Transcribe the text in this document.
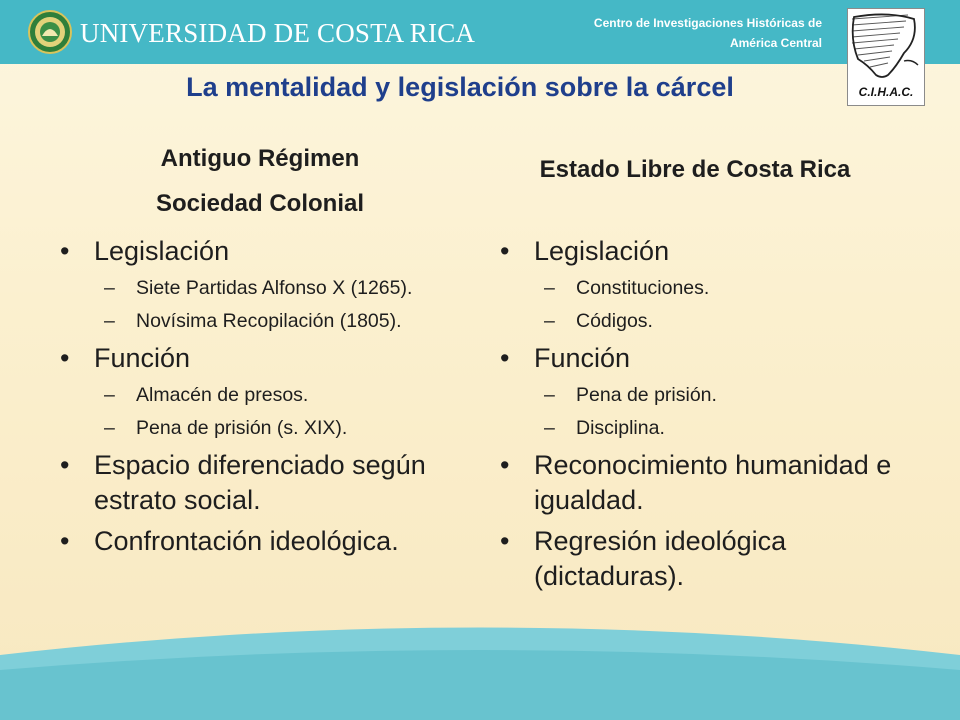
UNIVERSIDAD DE COSTA RICA	Centro de Investigaciones Históricas de
América Central
C.I.H.A.C.
La mentalidad y legislación sobre la cárcel
Antiguo Régimen
Sociedad Colonial
Estado Libre de Costa Rica
• Legislación
– Siete Partidas Alfonso X (1265).
– Novísima Recopilación (1805).
• Función
– Almacén de presos.
– Pena de prisión (s. XIX).
• Espacio diferenciado según estrato social.
• Confrontación ideológica.
• Legislación
– Constituciones.
– Códigos.
• Función
– Pena de prisión.
– Disciplina.
• Reconocimiento humanidad e igualdad.
• Regresión ideológica (dictaduras).
